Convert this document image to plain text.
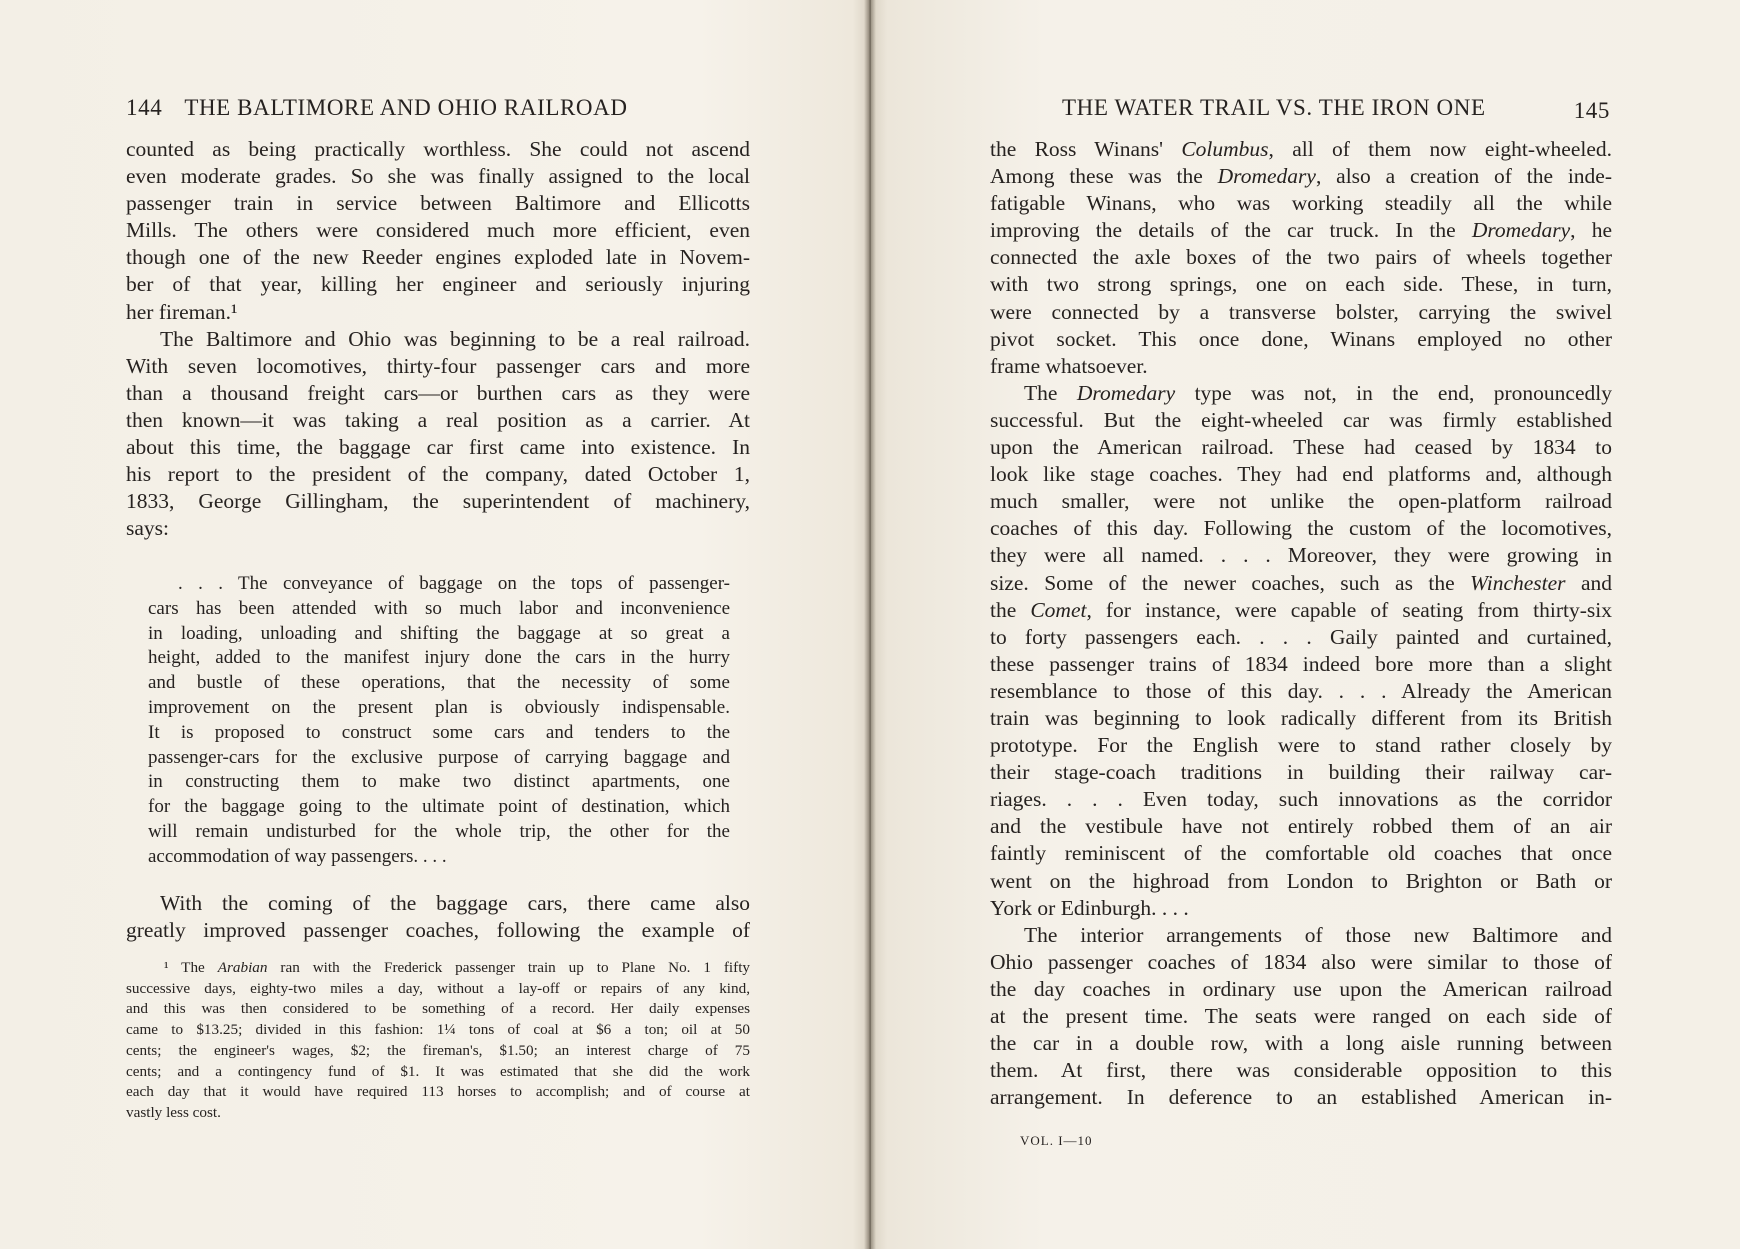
144 THE BALTIMORE AND OHIO RAILROAD
counted as being practically worthless. She could not ascend
even moderate grades. So she was finally assigned to the local
passenger train in service between Baltimore and Ellicotts
Mills. The others were considered much more efficient, even
though one of the new Reeder engines exploded late in Novem-
ber of that year, killing her engineer and seriously injuring
her fireman.¹
The Baltimore and Ohio was beginning to be a real railroad.
With seven locomotives, thirty-four passenger cars and more
than a thousand freight cars—or burthen cars as they were
then known—it was taking a real position as a carrier. At
about this time, the baggage car first came into existence. In
his report to the president of the company, dated October 1,
1833, George Gillingham, the superintendent of machinery,
says:
. . . The conveyance of baggage on the tops of passenger-
cars has been attended with so much labor and inconvenience
in loading, unloading and shifting the baggage at so great a
height, added to the manifest injury done the cars in the hurry
and bustle of these operations, that the necessity of some
improvement on the present plan is obviously indispensable.
It is proposed to construct some cars and tenders to the
passenger-cars for the exclusive purpose of carrying baggage and
in constructing them to make two distinct apartments, one
for the baggage going to the ultimate point of destination, which
will remain undisturbed for the whole trip, the other for the
accommodation of way passengers. . . .
With the coming of the baggage cars, there came also
greatly improved passenger coaches, following the example of
¹ The Arabian ran with the Frederick passenger train up to Plane No. 1 fifty
successive days, eighty-two miles a day, without a lay-off or repairs of any kind,
and this was then considered to be something of a record. Her daily expenses
came to $13.25; divided in this fashion: 1¼ tons of coal at $6 a ton; oil at 50
cents; the engineer's wages, $2; the fireman's, $1.50; an interest charge of 75
cents; and a contingency fund of $1. It was estimated that she did the work
each day that it would have required 113 horses to accomplish; and of course at
vastly less cost.
THE WATER TRAIL VS. THE IRON ONE	145
the Ross Winans' Columbus, all of them now eight-wheeled.
Among these was the Dromedary, also a creation of the inde-
fatigable Winans, who was working steadily all the while
improving the details of the car truck. In the Dromedary, he
connected the axle boxes of the two pairs of wheels together
with two strong springs, one on each side. These, in turn,
were connected by a transverse bolster, carrying the swivel
pivot socket. This once done, Winans employed no other
frame whatsoever.
The Dromedary type was not, in the end, pronouncedly
successful. But the eight-wheeled car was firmly established
upon the American railroad. These had ceased by 1834 to
look like stage coaches. They had end platforms and, although
much smaller, were not unlike the open-platform railroad
coaches of this day. Following the custom of the locomotives,
they were all named. . . . Moreover, they were growing in
size. Some of the newer coaches, such as the Winchester and
the Comet, for instance, were capable of seating from thirty-six
to forty passengers each. . . . Gaily painted and curtained,
these passenger trains of 1834 indeed bore more than a slight
resemblance to those of this day. . . . Already the American
train was beginning to look radically different from its British
prototype. For the English were to stand rather closely by
their stage-coach traditions in building their railway car-
riages. . . . Even today, such innovations as the corridor
and the vestibule have not entirely robbed them of an air
faintly reminiscent of the comfortable old coaches that once
went on the highroad from London to Brighton or Bath or
York or Edinburgh. . . .
The interior arrangements of those new Baltimore and
Ohio passenger coaches of 1834 also were similar to those of
the day coaches in ordinary use upon the American railroad
at the present time. The seats were ranged on each side of
the car in a double row, with a long aisle running between
them. At first, there was considerable opposition to this
arrangement. In deference to an established American in-
VOL. I—10
